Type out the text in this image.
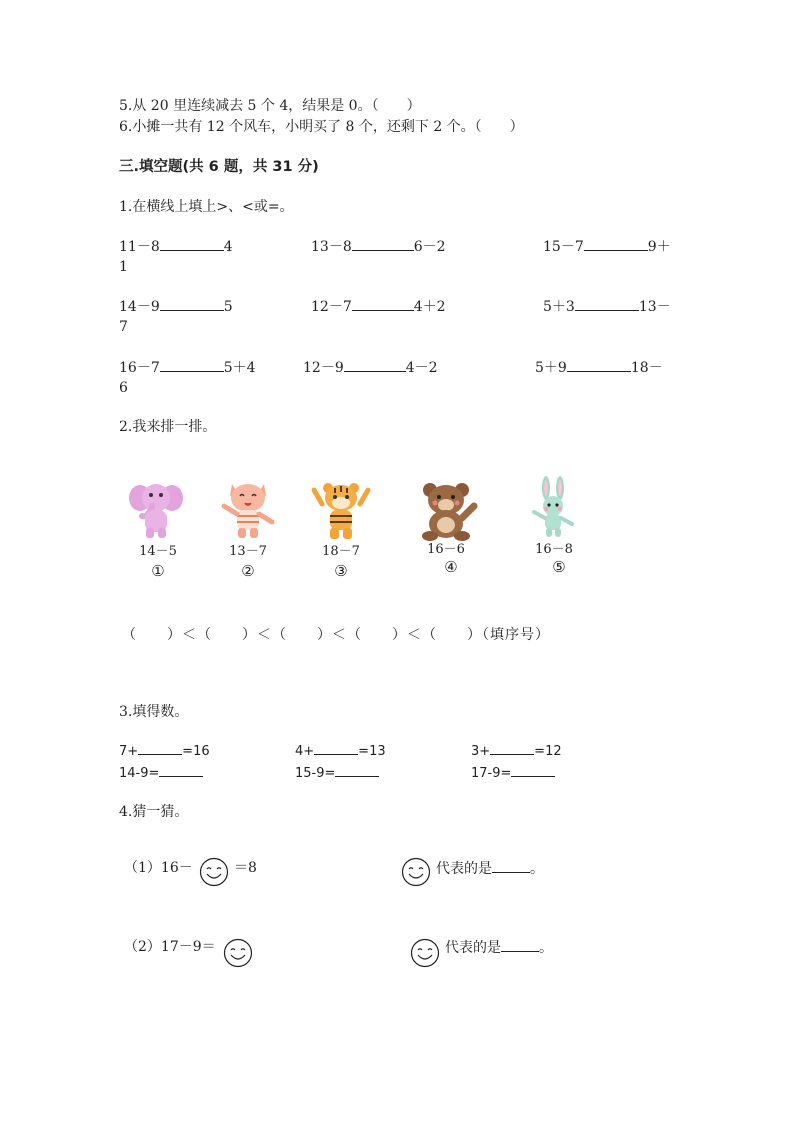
5.从 20 里连续减去 5 个 4，结果是 0。（　　）
6.小摊一共有 12 个风车，小明买了 8 个，还剩下 2 个。（　　）
三.填空题(共 6 题，共 31 分)
1.在横线上填上>、<或=。
11－8	4	13－8	6－2	15－7	9＋
1
14－9	5	12－7	4＋2	5＋3	13－
7
16－7	5＋4	12－9	4－2	5＋9	18－
6
2.我来排一排。
14－5
①
13－7
②
18－7
③
16－6
④
16－8
⑤
（　　）＜（　　）＜（　　）＜（　　）＜（　　）（填序号）
3.填得数。
7+	=16	4+	=13	3+	=12
14-9=	15-9=	17-9=
4.猜一猜。
（1）16－	＝8	代表的是	。
（2）17－9＝	代表的是	。
